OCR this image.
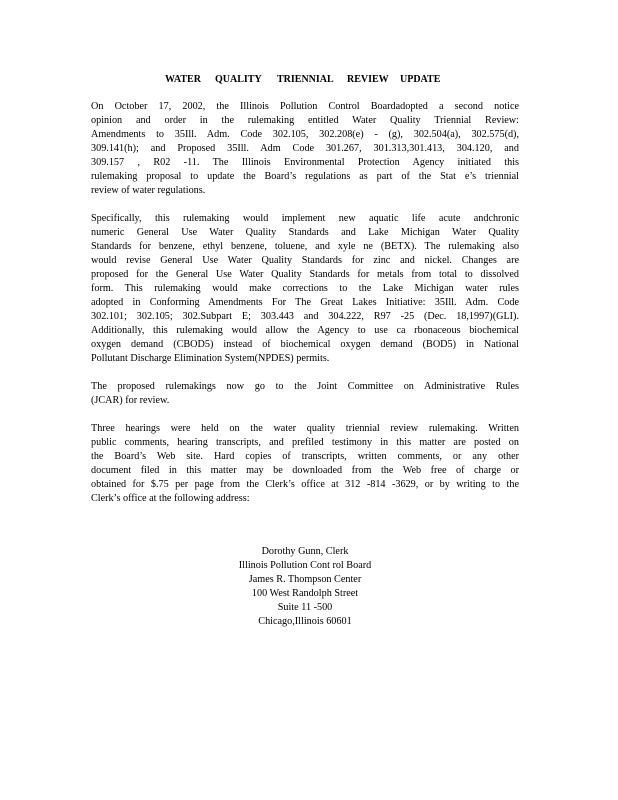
WATER	QUALITY	TRIENNIAL	REVIEW	UPDATE
On October 17, 2002, the Illinois Pollution Control Boardadopted a second notice
opinion and order in the rulemaking entitled Water Quality Triennial Review:
Amendments to 35Ill. Adm. Code 302.105, 302.208(e) - (g), 302.504(a), 302.575(d),
309.141(h); and Proposed 35Ill. Adm Code 301.267, 301.313,301.413, 304.120, and
309.157 , R02 -11. The Illinois Environmental Protection Agency initiated this
rulemaking proposal to update the Board’s regulations as part of the Stat e’s triennial
review of water regulations.
Specifically, this rulemaking would implement new aquatic life acute andchronic
numeric General Use Water Quality Standards and Lake Michigan Water Quality
Standards for benzene, ethyl benzene, toluene, and xyle ne (BETX). The rulemaking also
would revise General Use Water Quality Standards for zinc and nickel. Changes are
proposed for the General Use Water Quality Standards for metals from total to dissolved
form. This rulemaking would make corrections to the Lake Michigan water rules
adopted in Conforming Amendments For The Great Lakes Initiative: 35Ill. Adm. Code
302.101; 302.105; 302.Subpart E; 303.443 and 304.222, R97 -25 (Dec. 18,1997)(GLI).
Additionally, this rulemaking would allow the Agency to use ca rbonaceous biochemical
oxygen demand (CBOD5) instead of biochemical oxygen demand (BOD5) in National
Pollutant Discharge Elimination System(NPDES) permits.
The proposed rulemakings now go to the Joint Committee on Administrative Rules
(JCAR) for review.
Three hearings were held on the water quality triennial review rulemaking. Written
public comments, hearing transcripts, and prefiled testimony in this matter are posted on
the Board’s Web site. Hard copies of transcripts, written comments, or any other
document filed in this matter may be downloaded from the Web free of charge or
obtained for $.75 per page from the Clerk’s office at 312 -814 -3629, or by writing to the
Clerk’s office at the following address:
Dorothy Gunn, Clerk
Illinois Pollution Cont rol Board
James R. Thompson Center
100 West Randolph Street
Suite 11 -500
Chicago,Illinois 60601
